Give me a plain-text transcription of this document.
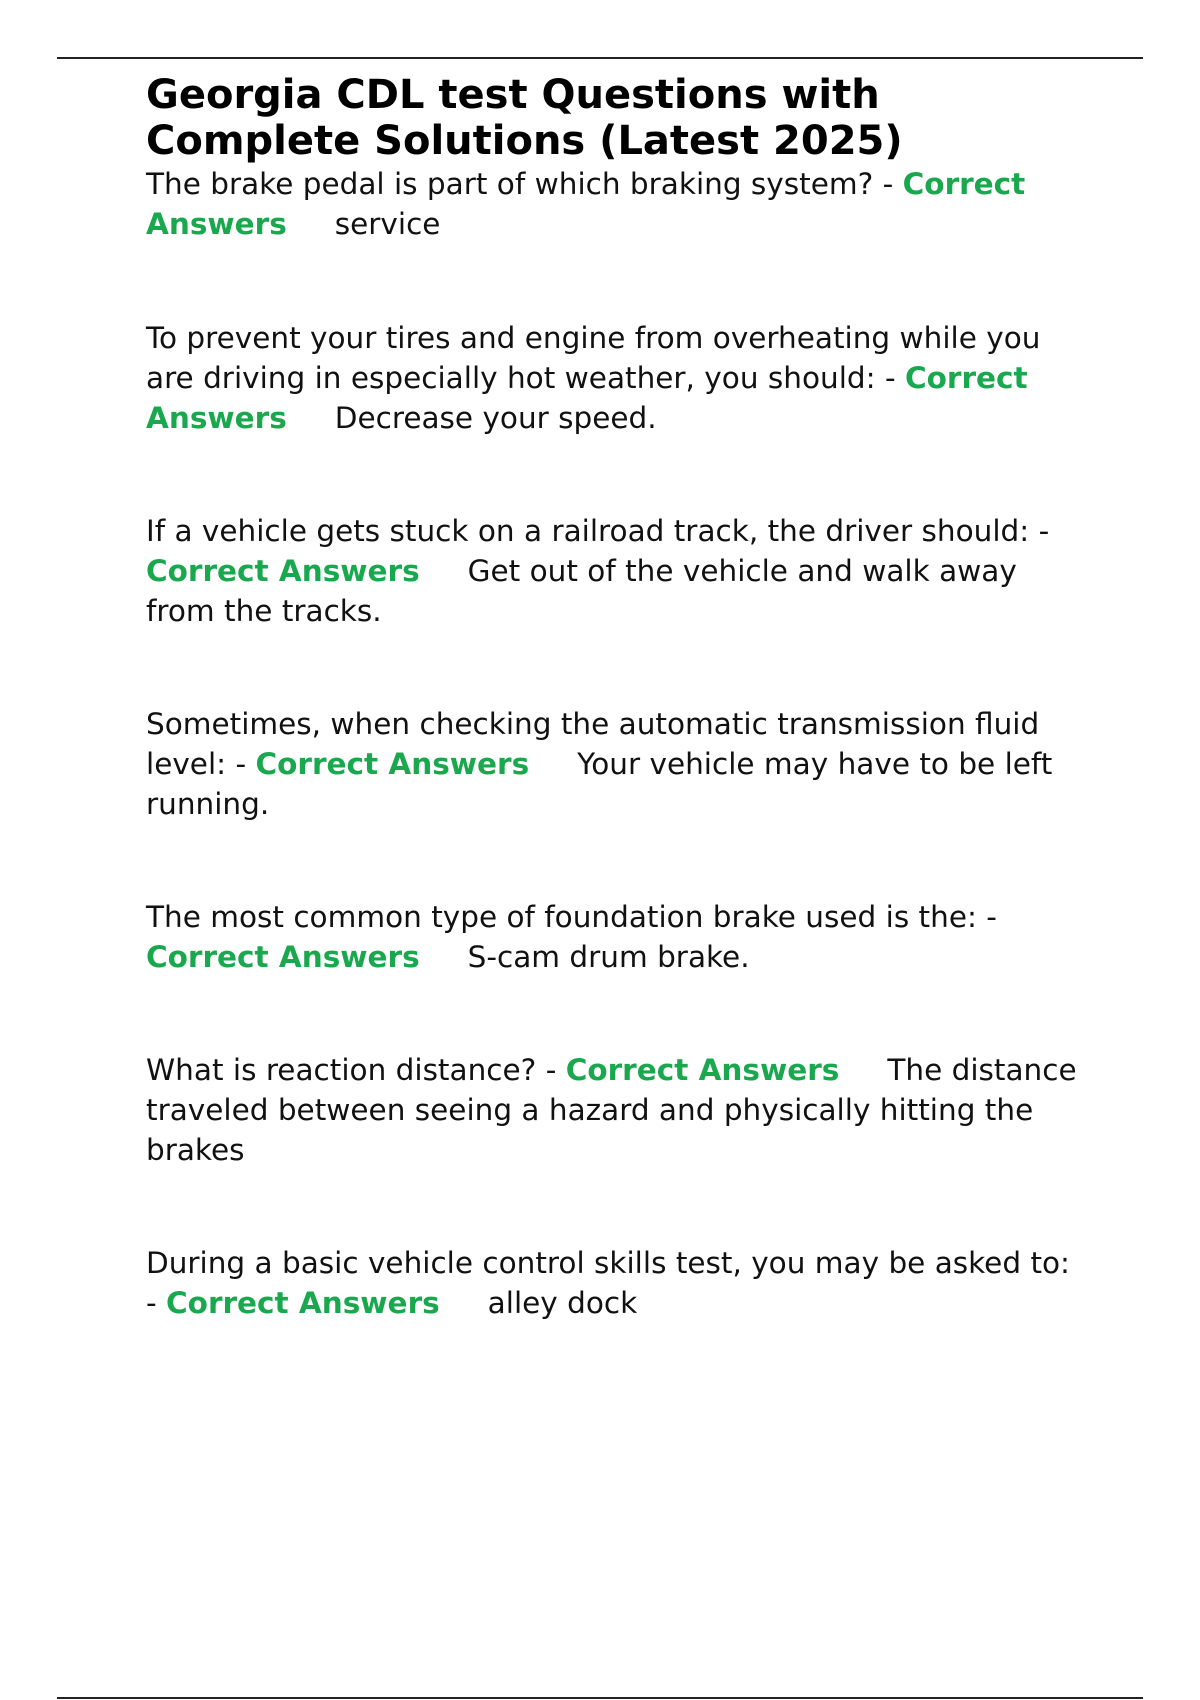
Georgia CDL test Questions with Complete Solutions (Latest 2025)

The brake pedal is part of which braking system? - Correct Answers service

To prevent your tires and engine from overheating while you are driving in especially hot weather, you should: - Correct Answers Decrease your speed.

If a vehicle gets stuck on a railroad track, the driver should: - Correct Answers Get out of the vehicle and walk away from the tracks.

Sometimes, when checking the automatic transmission fluid level: - Correct Answers Your vehicle may have to be left running.

The most common type of foundation brake used is the: - Correct Answers S-cam drum brake.

What is reaction distance? - Correct Answers The distance traveled between seeing a hazard and physically hitting the brakes

During a basic vehicle control skills test, you may be asked to: - Correct Answers alley dock
